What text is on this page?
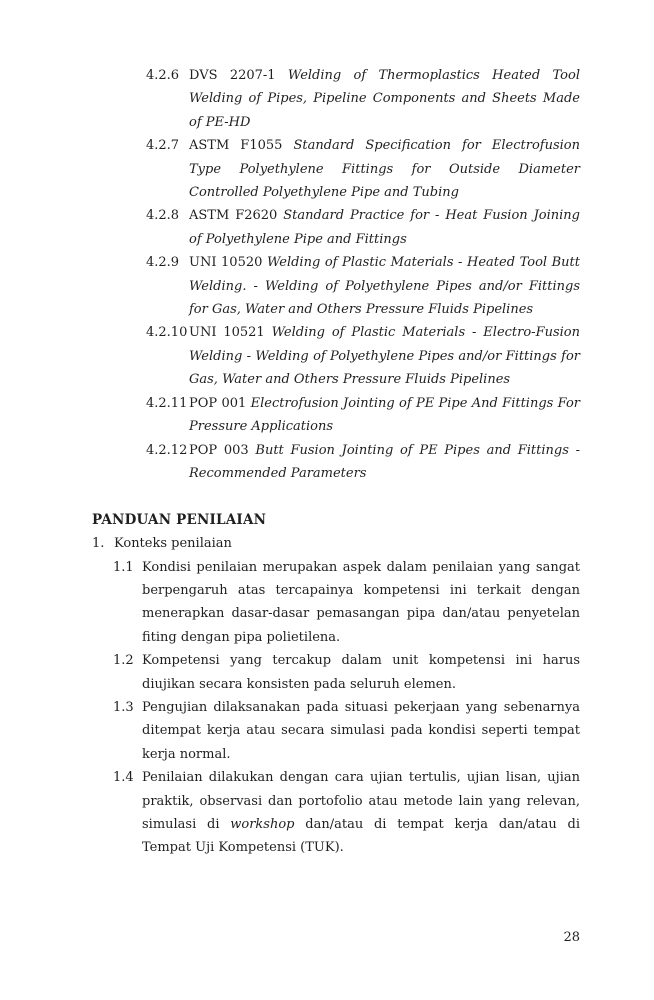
4.2.6 DVS 2207-1 Welding of Thermoplastics Heated Tool Welding of Pipes, Pipeline Components and Sheets Made of PE-HD
4.2.7 ASTM F1055 Standard Specification for Electrofusion Type Polyethylene Fittings for Outside Diameter Controlled Polyethylene Pipe and Tubing
4.2.8 ASTM F2620 Standard Practice for - Heat Fusion Joining of Polyethylene Pipe and Fittings
4.2.9 UNI 10520 Welding of Plastic Materials - Heated Tool Butt Welding. - Welding of Polyethylene Pipes and/or Fittings for Gas, Water and Others Pressure Fluids Pipelines
4.2.10 UNI 10521 Welding of Plastic Materials - Electro-Fusion Welding - Welding of Polyethylene Pipes and/or Fittings for Gas, Water and Others Pressure Fluids Pipelines
4.2.11 POP 001 Electrofusion Jointing of PE Pipe And Fittings For Pressure Applications
4.2.12 POP 003 Butt Fusion Jointing of PE Pipes and Fittings - Recommended Parameters
PANDUAN PENILAIAN
1. Konteks penilaian
1.1 Kondisi penilaian merupakan aspek dalam penilaian yang sangat berpengaruh atas tercapainya kompetensi ini terkait dengan menerapkan dasar-dasar pemasangan pipa dan/atau penyetelan fiting dengan pipa polietilena.
1.2 Kompetensi yang tercakup dalam unit kompetensi ini harus diujikan secara konsisten pada seluruh elemen.
1.3 Pengujian dilaksanakan pada situasi pekerjaan yang sebenarnya ditempat kerja atau secara simulasi pada kondisi seperti tempat kerja normal.
1.4 Penilaian dilakukan dengan cara ujian tertulis, ujian lisan, ujian praktik, observasi dan portofolio atau metode lain yang relevan, simulasi di workshop dan/atau di tempat kerja dan/atau di Tempat Uji Kompetensi (TUK).
28
